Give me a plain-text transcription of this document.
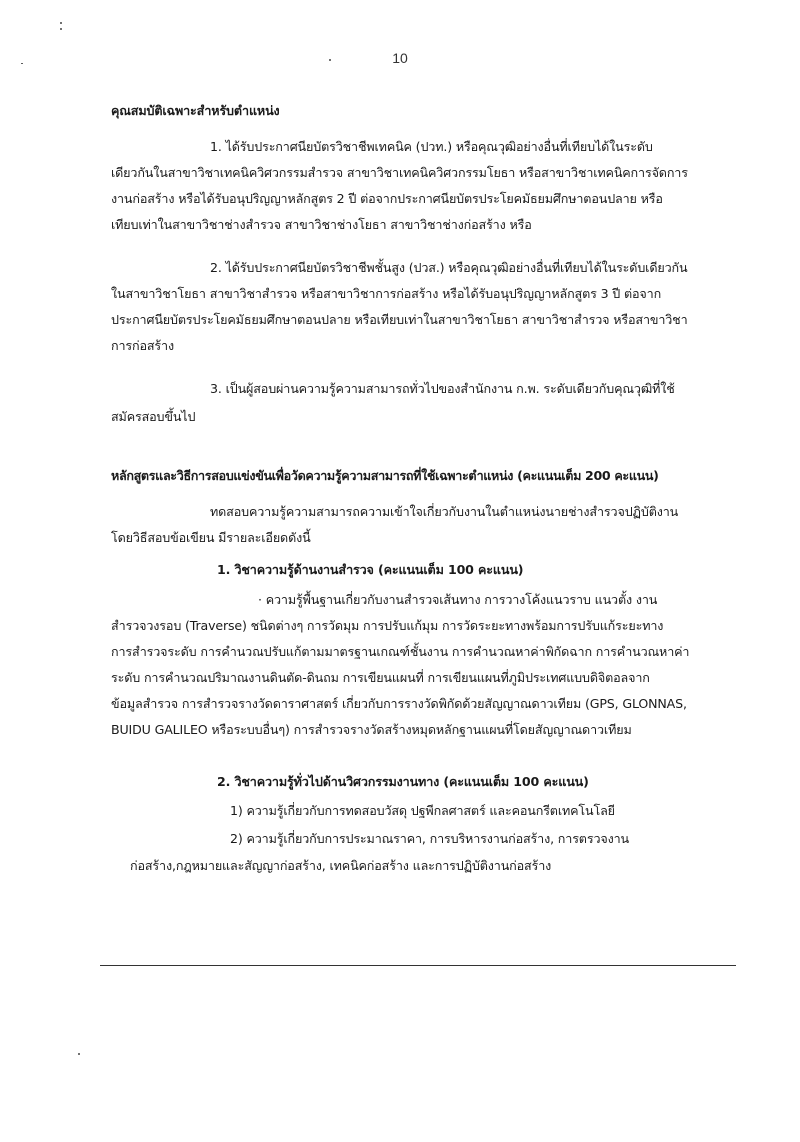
10
คุณสมบัติเฉพาะสำหรับตำแหน่ง
1. ได้รับประกาศนียบัตรวิชาชีพเทคนิค (ปวท.) หรือคุณวุฒิอย่างอื่นที่เทียบได้ในระดับ
เดียวกันในสาขาวิชาเทคนิควิศวกรรมสำรวจ สาขาวิชาเทคนิควิศวกรรมโยธา หรือสาขาวิชาเทคนิคการจัดการ
งานก่อสร้าง หรือได้รับอนุปริญญาหลักสูตร 2 ปี ต่อจากประกาศนียบัตรประโยคมัธยมศึกษาตอนปลาย หรือ
เทียบเท่าในสาขาวิชาช่างสำรวจ สาขาวิชาช่างโยธา สาขาวิชาช่างก่อสร้าง หรือ
2. ได้รับประกาศนียบัตรวิชาชีพชั้นสูง (ปวส.) หรือคุณวุฒิอย่างอื่นที่เทียบได้ในระดับเดียวกัน
ในสาขาวิชาโยธา สาขาวิชาสำรวจ หรือสาขาวิชาการก่อสร้าง หรือได้รับอนุปริญญาหลักสูตร 3 ปี ต่อจาก
ประกาศนียบัตรประโยคมัธยมศึกษาตอนปลาย หรือเทียบเท่าในสาขาวิชาโยธา สาขาวิชาสำรวจ หรือสาขาวิชา
การก่อสร้าง
3. เป็นผู้สอบผ่านความรู้ความสามารถทั่วไปของสำนักงาน ก.พ. ระดับเดียวกับคุณวุฒิที่ใช้
สมัครสอบขึ้นไป
หลักสูตรและวิธีการสอบแข่งขันเพื่อวัดความรู้ความสามารถที่ใช้เฉพาะตำแหน่ง (คะแนนเต็ม 200 คะแนน)
ทดสอบความรู้ความสามารถความเข้าใจเกี่ยวกับงานในตำแหน่งนายช่างสำรวจปฏิบัติงาน
โดยวิธีสอบข้อเขียน มีรายละเอียดดังนี้
1. วิชาความรู้ด้านงานสำรวจ (คะแนนเต็ม 100 คะแนน)
· ความรู้พื้นฐานเกี่ยวกับงานสำรวจเส้นทาง การวางโค้งแนวราบ แนวตั้ง งาน
สำรวจวงรอบ (Traverse) ชนิดต่างๆ การวัดมุม การปรับแก้มุม การวัดระยะทางพร้อมการปรับแก้ระยะทาง
การสำรวจระดับ การคำนวณปรับแก้ตามมาตรฐานเกณฑ์ชั้นงาน การคำนวณหาค่าพิกัดฉาก การคำนวณหาค่า
ระดับ การคำนวณปริมาณงานดินตัด-ดินถม การเขียนแผนที่ การเขียนแผนที่ภูมิประเทศแบบดิจิตอลจาก
ข้อมูลสำรวจ การสำรวจรางวัดดาราศาสตร์ เกี่ยวกับการรางวัดพิกัดด้วยสัญญาณดาวเทียม (GPS, GLONNAS,
BUIDU GALILEO หรือระบบอื่นๆ) การสำรวจรางวัดสร้างหมุดหลักฐานแผนที่โดยสัญญาณดาวเทียม
2. วิชาความรู้ทั่วไปด้านวิศวกรรมงานทาง (คะแนนเต็ม 100 คะแนน)
1) ความรู้เกี่ยวกับการทดสอบวัสดุ ปฐพีกลศาสตร์ และคอนกรีตเทคโนโลยี
2) ความรู้เกี่ยวกับการประมาณราคา, การบริหารงานก่อสร้าง, การตรวจงาน
ก่อสร้าง,กฎหมายและสัญญาก่อสร้าง, เทคนิคก่อสร้าง และการปฏิบัติงานก่อสร้าง
